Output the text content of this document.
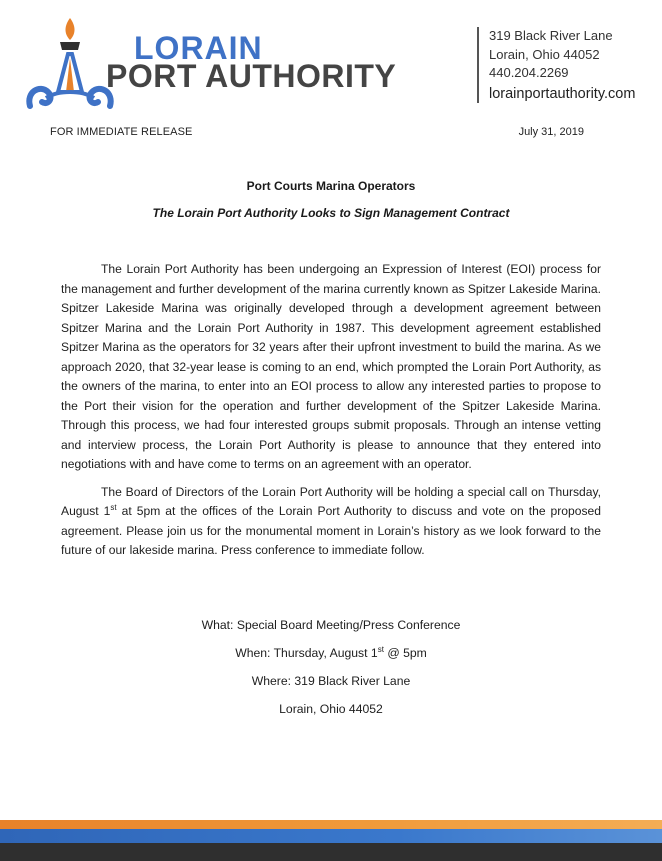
LORAIN
PORT AUTHORITY
319 Black River Lane
Lorain, Ohio 44052
440.204.2269
lorainportauthority.com
FOR IMMEDIATE RELEASE	July 31, 2019
Port Courts Marina Operators
The Lorain Port Authority Looks to Sign Management Contract

The Lorain Port Authority has been undergoing an Expression of Interest (EOI) process for the management and further development of the marina currently known as Spitzer Lakeside Marina. Spitzer Lakeside Marina was originally developed through a development agreement between Spitzer Marina and the Lorain Port Authority in 1987. This development agreement established Spitzer Marina as the operators for 32 years after their upfront investment to build the marina. As we approach 2020, that 32-year lease is coming to an end, which prompted the Lorain Port Authority, as the owners of the marina, to enter into an EOI process to allow any interested parties to propose to the Port their vision for the operation and further development of the Spitzer Lakeside Marina. Through this process, we had four interested groups submit proposals. Through an intense vetting and interview process, the Lorain Port Authority is please to announce that they entered into negotiations with and have come to terms on an agreement with an operator.

The Board of Directors of the Lorain Port Authority will be holding a special call on Thursday, August 1st at 5pm at the offices of the Lorain Port Authority to discuss and vote on the proposed agreement. Please join us for the monumental moment in Lorain’s history as we look forward to the future of our lakeside marina. Press conference to immediate follow.

What: Special Board Meeting/Press Conference
When: Thursday, August 1st @ 5pm
Where: 319 Black River Lane
Lorain, Ohio 44052
